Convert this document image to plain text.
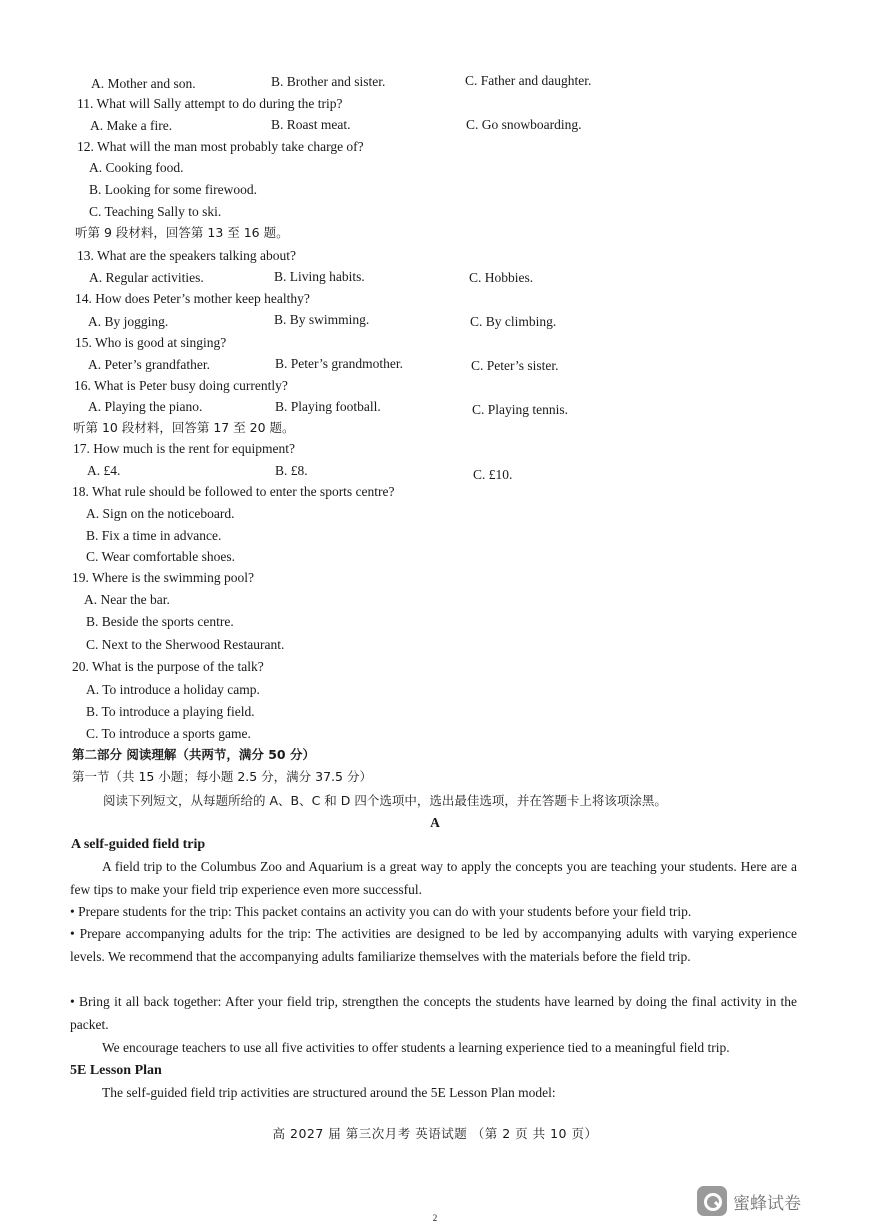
A. Mother and son.	B. Brother and sister.	C. Father and daughter.
11. What will Sally attempt to do during the trip?
A. Make a fire.	B. Roast meat.	C. Go snowboarding.
12. What will the man most probably take charge of?
A. Cooking food.
B. Looking for some firewood.
C. Teaching Sally to ski.
听第 9 段材料，回答第 13 至 16 题。
13. What are the speakers talking about?
A. Regular activities.	B. Living habits.	C. Hobbies.
14. How does Peter’s mother keep healthy?
A. By jogging.	B. By swimming.	C. By climbing.
15. Who is good at singing?
A. Peter’s grandfather.	B. Peter’s grandmother.	C. Peter’s sister.
16. What is Peter busy doing currently?
A. Playing the piano.	B. Playing football.	C. Playing tennis.
听第 10 段材料，回答第 17 至 20 题。
17. How much is the rent for equipment?
A. £4.	B. £8.	C. £10.
18. What rule should be followed to enter the sports centre?
A. Sign on the noticeboard.
B. Fix a time in advance.
C. Wear comfortable shoes.
19. Where is the swimming pool?
A. Near the bar.
B. Beside the sports centre.
C. Next to the Sherwood Restaurant.
20. What is the purpose of the talk?
A. To introduce a holiday camp.
B. To introduce a playing field.
C. To introduce a sports game.
第二部分 阅读理解（共两节，满分 50 分）
第一节（共 15 小题；每小题 2.5 分，满分 37.5 分）
阅读下列短文，从每题所给的 A、B、C 和 D 四个选项中，选出最佳选项，并在答题卡上将该项涂黑。
A
A self-guided field trip
A field trip to the Columbus Zoo and Aquarium is a great way to apply the concepts you are teaching your students. Here are a few tips to make your field trip experience even more successful.
• Prepare students for the trip: This packet contains an activity you can do with your students before your field trip.
• Prepare accompanying adults for the trip: The activities are designed to be led by accompanying adults with varying experience levels. We recommend that the accompanying adults familiarize themselves with the materials before the field trip.
• Bring it all back together: After your field trip, strengthen the concepts the students have learned by doing the final activity in the packet.
We encourage teachers to use all five activities to offer students a learning experience tied to a meaningful field trip.
5E Lesson Plan
The self-guided field trip activities are structured around the 5E Lesson Plan model:
高 2027 届 第三次月考 英语试题 （第 2 页 共 10 页）
2
蜜蜂试卷
